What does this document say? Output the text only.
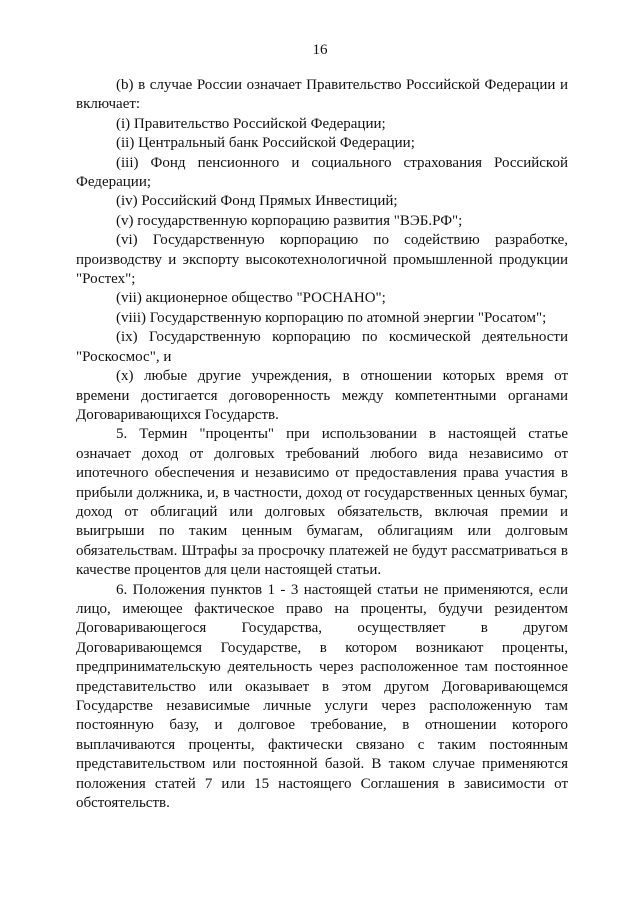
16

(b) в случае России означает Правительство Российской Федерации и включает:

(i) Правительство Российской Федерации;

(ii) Центральный банк Российской Федерации;

(iii) Фонд пенсионного и социального страхования Российской Федерации;

(iv) Российский Фонд Прямых Инвестиций;

(v) государственную корпорацию развития "ВЭБ.РФ";

(vi) Государственную корпорацию по содействию разработке, производству и экспорту высокотехнологичной промышленной продукции "Ростех";

(vii) акционерное общество "РОСНАНО";

(viii) Государственную корпорацию по атомной энергии "Росатом";

(ix) Государственную корпорацию по космической деятельности "Роскосмос", и

(x) любые другие учреждения, в отношении которых время от времени достигается договоренность между компетентными органами Договаривающихся Государств.

5. Термин "проценты" при использовании в настоящей статье означает доход от долговых требований любого вида независимо от ипотечного обеспечения и независимо от предоставления права участия в прибыли должника, и, в частности, доход от государственных ценных бумаг, доход от облигаций или долговых обязательств, включая премии и выигрыши по таким ценным бумагам, облигациям или долговым обязательствам. Штрафы за просрочку платежей не будут рассматриваться в качестве процентов для цели настоящей статьи.

6. Положения пунктов 1 - 3 настоящей статьи не применяются, если лицо, имеющее фактическое право на проценты, будучи резидентом Договаривающегося Государства, осуществляет в другом Договаривающемся Государстве, в котором возникают проценты, предпринимательскую деятельность через расположенное там постоянное представительство или оказывает в этом другом Договаривающемся Государстве независимые личные услуги через расположенную там постоянную базу, и долговое требование, в отношении которого выплачиваются проценты, фактически связано с таким постоянным представительством или постоянной базой. В таком случае применяются положения статей 7 или 15 настоящего Соглашения в зависимости от обстоятельств.
